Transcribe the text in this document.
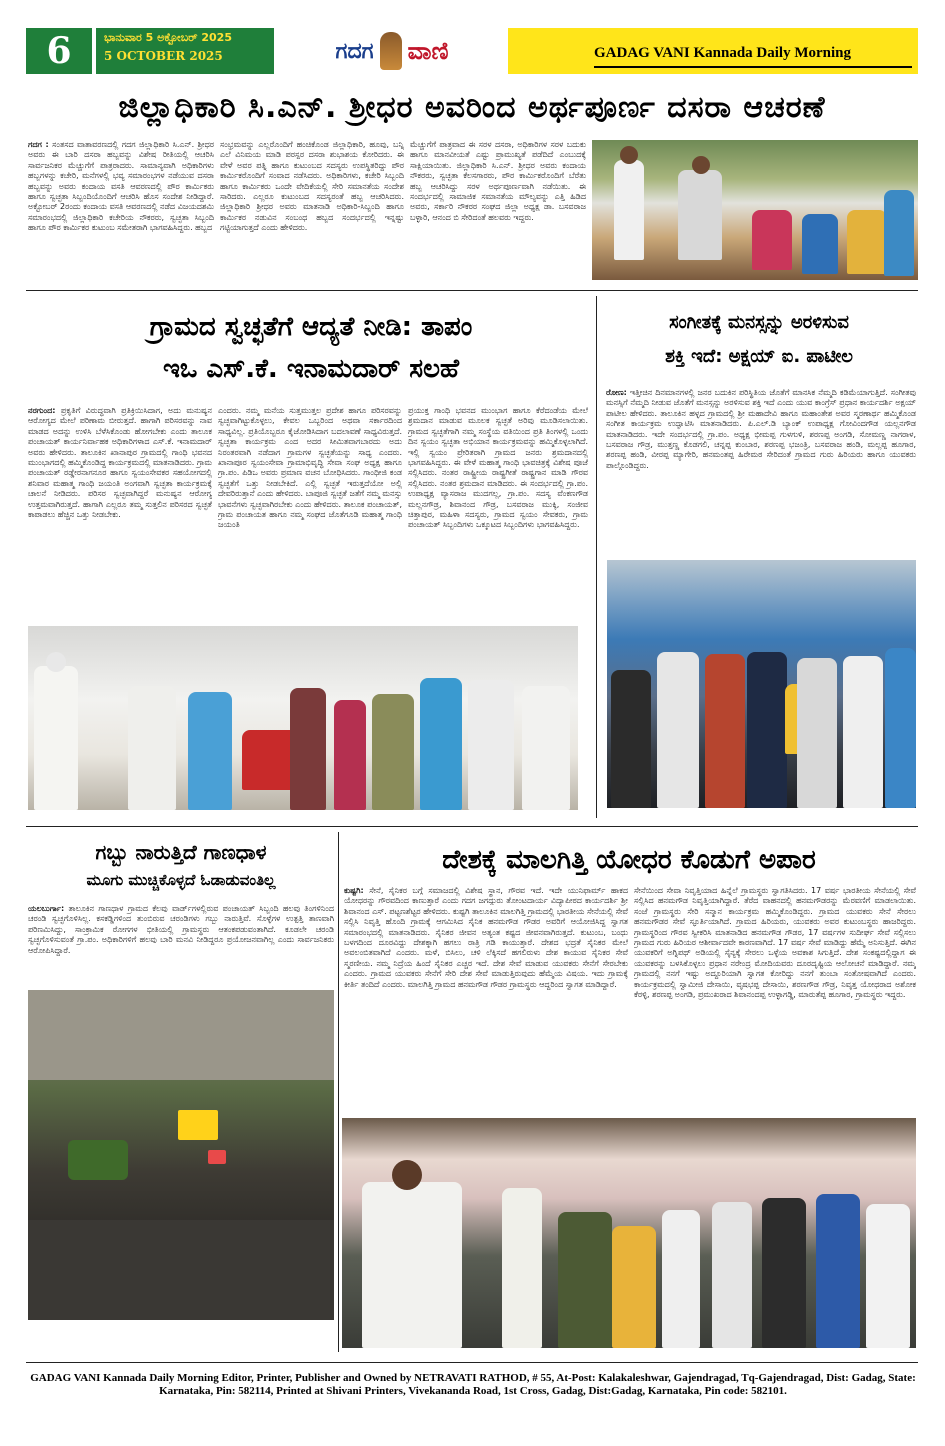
6	ಭಾನುವಾರ 5 ಅಕ್ಟೋಬರ್ 2025
5 OCTOBER 2025	ಗದಗ ವಾಣಿ	GADAG VANI Kannada Daily Morning
ಜಿಲ್ಲಾಧಿಕಾರಿ ಸಿ.ಎನ್. ಶ್ರೀಧರ ಅವರಿಂದ ಅರ್ಥಪೂರ್ಣ ದಸರಾ ಆಚರಣೆ
ಗದಗ : ಸಂತಸದ ವಾತಾವರಣದಲ್ಲಿ ಗದಗ ಜಿಲ್ಲಾಧಿಕಾರಿ ಸಿ.ಎನ್. ಶ್ರೀಧರ ಅವರು ಈ ಬಾರಿ ದಸರಾ ಹಬ್ಬವನ್ನು ವಿಶೇಷ ರೀತಿಯಲ್ಲಿ ಆಚರಿಸಿ ಸಾರ್ವಜನಿಕರ ಮೆಚ್ಚುಗೆಗೆ ಪಾತ್ರರಾದರು. ಸಾಮಾನ್ಯವಾಗಿ ಅಧಿಕಾರಿಗಳು ಹಬ್ಬಗಳನ್ನು ಕಚೇರಿ, ಮನೆಗಳಲ್ಲಿ ಭವ್ಯ ಸಮಾರಂಭಗಳ ನಡೆಯುವ ದಸರಾ ಹಬ್ಬವನ್ನು ಅವರು ಕಂದಾಯ ವಸತಿ ಆವರಣದಲ್ಲಿ ಪೌರ ಕಾರ್ಮಿಕರು ಹಾಗೂ ಸ್ವಚ್ಛತಾ ಸಿಬ್ಬಂದಿಯೊಂದಿಗೆ ಆಚರಿಸಿ ಹೊಸ ಸಂದೇಶ ನೀಡಿದ್ದಾರೆ. ಅಕ್ಟೋಬರ್ 2ರಂದು ಕಂದಾಯ ವಸತಿ ಆವರಣದಲ್ಲಿ ನಡೆದ ವಿಜಯದಶಮಿ ಸಮಾರಂಭದಲ್ಲಿ ಜಿಲ್ಲಾಧಿಕಾರಿ ಕಚೇರಿಯ ನೌಕರರು, ಸ್ವಚ್ಛತಾ ಸಿಬ್ಬಂದಿ ಹಾಗೂ ಪೌರ ಕಾರ್ಮಿಕರ ಕುಟುಂಬ ಸಮೇತರಾಗಿ ಭಾಗವಹಿಸಿದ್ದರು. ಹಬ್ಬದ
ಸಂಭ್ರಮವನ್ನು ಎಲ್ಲರೊಂದಿಗೆ ಹಂಚಿಕೊಂಡ ಜಿಲ್ಲಾಧಿಕಾರಿ, ಹೂವು, ಬನ್ನಿ ಎಲೆ ವಿನಿಮಯ ಮಾಡಿ ಪರಸ್ಪರ ದಸರಾ ಶುಭಾಶಯ ಕೋರಿದರು. ಈ ವೇಳೆ ಅವರ ಪತ್ನಿ ಹಾಗೂ ಕುಟುಂಬದ ಸದಸ್ಯರು ಉಪಸ್ಥಿತರಿದ್ದು ಪೌರ ಕಾರ್ಮಿಕರೊಂದಿಗೆ ಸಂವಾದ ನಡೆಸಿದರು. ಅಧಿಕಾರಿಗಳು, ಕಚೇರಿ ಸಿಬ್ಬಂದಿ ಹಾಗೂ ಕಾರ್ಮಿಕರು ಒಂದೇ ವೇದಿಕೆಯಲ್ಲಿ ಸೇರಿ ಸಮಾನತೆಯ ಸಂದೇಶ ಸಾರಿದರು. ಎಲ್ಲರೂ ಕುಟುಂಬದ ಸದಸ್ಯರಂತೆ ಹಬ್ಬ ಆಚರಿಸಿದರು. ಜಿಲ್ಲಾಧಿಕಾರಿ ಶ್ರೀಧರ ಅವರು ಮಾತನಾಡಿ ಅಧಿಕಾರಿ-ಸಿಬ್ಬಂದಿ ಹಾಗೂ ಕಾರ್ಮಿಕರ ನಡುವಿನ ಸಂಬಂಧ ಹಬ್ಬದ ಸಂದರ್ಭದಲ್ಲಿ ಇನ್ನಷ್ಟು ಗಟ್ಟಿಯಾಗುತ್ತದೆ ಎಂದು ಹೇಳಿದರು.
ಮೆಚ್ಚುಗೆಗೆ ಪಾತ್ರವಾದ ಈ ಸರಳ ದಸರಾ, ಅಧಿಕಾರಿಗಳ ಸರಳ ಬದುಕು ಹಾಗೂ ಮಾನವೀಯತೆ ಎಷ್ಟು ಪ್ರಾಮುಖ್ಯತೆ ಪಡೆದಿದೆ ಎಂಬುದಕ್ಕೆ ಸಾಕ್ಷಿಯಾಯಿತು. ಜಿಲ್ಲಾಧಿಕಾರಿ ಸಿ.ಎನ್. ಶ್ರೀಧರ ಅವರು ಕಂದಾಯ ನೌಕರರು, ಸ್ವಚ್ಛತಾ ಕೆಲಸಗಾರರು, ಪೌರ ಕಾರ್ಮಿಕರೊಂದಿಗೆ ಬೆರೆತು ಹಬ್ಬ ಆಚರಿಸಿದ್ದು ಸರಳ ಅರ್ಥಪೂರ್ಣವಾಗಿ ನಡೆಯಿತು. ಈ ಸಂದರ್ಭದಲ್ಲಿ ಸಾಮಾಜಿಕ ಸಮಾನತೆಯ ಮೌಲ್ಯವನ್ನು ಎತ್ತಿ ಹಿಡಿದ ಅವರು, ಸರ್ಕಾರಿ ನೌಕರರ ಸಂಘದ ಜಿಲ್ಲಾ ಅಧ್ಯಕ್ಷ ಡಾ. ಬಸವರಾಜ ಬಳ್ಳಾರಿ, ಆನಂದ ಬಿ ಸೇರಿದಂತೆ ಹಲವರು ಇದ್ದರು.
ಗ್ರಾಮದ ಸ್ವಚ್ಛತೆಗೆ ಆದ್ಯತೆ ನೀಡಿ: ತಾಪಂ
ಇಒ ಎಸ್.ಕೆ. ಇನಾಮದಾರ್ ಸಲಹೆ
ನರಗುಂದ: ಪ್ರಕೃತಿಗೆ ವಿರುದ್ಧವಾಗಿ ಪ್ರತಿಕ್ರಿಯಿಸಿದಾಗ, ಅದು ಮನುಷ್ಯನ ಆರೋಗ್ಯದ ಮೇಲೆ ಪರಿಣಾಮ ಬೀರುತ್ತದೆ. ಹಾಗಾಗಿ ಪರಿಸರವನ್ನು ನಾವ ಮಾಡದ ಅದನ್ನು ಉಳಿಸಿ ಬೆಳೆಸಿಕೊಂಡು ಹೋಗಬೇಕು ಎಂದು ತಾಲೂಕ ಪಂಚಾಯತ್ ಕಾರ್ಯನಿರ್ವಾಹಕ ಅಧಿಕಾರಿಗಳಾದ ಎಸ್.ಕೆ. ಇನಾಮದಾರ್ ಅವರು ಹೇಳಿದರು. ತಾಲೂಕಿನ ಖಾನಾಪುರ ಗ್ರಾಮದಲ್ಲಿ ಗಾಂಧಿ ಭವನದ ಮುಂಭಾಗದಲ್ಲಿ ಹಮ್ಮಿಕೊಂಡಿದ್ದ ಕಾರ್ಯಕ್ರಮದಲ್ಲಿ ಮಾತನಾಡಿದರು. ಗ್ರಾಮ ಪಂಚಾಯತ್ ರಡ್ಡೇರನಾಗನೂರ ಹಾಗೂ ಸ್ವಯಂಸೇವಕರ ಸಹಯೋಗದಲ್ಲಿ ಶನಿವಾರ ಮಹಾತ್ಮ ಗಾಂಧಿ ಜಯಂತಿ ಅಂಗವಾಗಿ ಸ್ವಚ್ಛತಾ ಕಾರ್ಯಕ್ರಮಕ್ಕೆ ಚಾಲನೆ ನೀಡಿದರು. ಪರಿಸರ ಸ್ವಚ್ಛವಾಗಿದ್ದರೆ ಮನುಷ್ಯನ ಆರೋಗ್ಯ ಉತ್ತಮವಾಗಿರುತ್ತದೆ. ಹಾಗಾಗಿ ಎಲ್ಲರೂ ತಮ್ಮ ಸುತ್ತಲಿನ ಪರಿಸರದ ಸ್ವಚ್ಛತೆ ಕಾಪಾಡಲು ಹೆಚ್ಚಿನ ಒತ್ತು ನೀಡಬೇಕು.
ಎಂದರು. ನಮ್ಮ ಮನೆಯ ಸುತ್ತಮುತ್ತಲ ಪ್ರದೇಶ ಹಾಗೂ ಪರಿಸರವನ್ನು ಸ್ವಚ್ಛವಾಗಿಟ್ಟುಕೊಳ್ಳಲು, ಕೇವಲ ಒಬ್ಬರಿಂದ ಅಥವಾ ಸರ್ಕಾರದಿಂದ ಸಾಧ್ಯವಿಲ್ಲ. ಪ್ರತಿಯೊಬ್ಬರೂ ಕೈಜೋಡಿಸಿದಾಗ ಬದಲಾವಣೆ ಸಾಧ್ಯವಿರುತ್ತದೆ. ಸ್ವಚ್ಛತಾ ಕಾರ್ಯಕ್ರಮ ಎಂದ ಅದರ ಸೀಮಿತವಾಗಬಾರದು ಅದು ನಿರಂತರವಾಗಿ ನಡೆದಾಗ ಗ್ರಾಮಗಳ ಸ್ವಚ್ಛತೆಯನ್ನು ಸಾಧ್ಯ ಎಂದರು. ಖಾನಾಪೂರ ಸ್ವಯಂಸೇವಾ ಗ್ರಾಮಾಭಿವೃದ್ಧಿ ಸೇವಾ ಸಂಘ ಅಧ್ಯಕ್ಷ ಹಾಗೂ ಗ್ರಾ.ಪಂ. ಪಿಡಿಒ ಅವರು ಪ್ರಮಾಣ ವಚನ ಬೋಧಿಸಿದರು. ಗಾಂಧೀಜಿ ಕಂಡ ಸ್ವಚ್ಛತೆಗೆ ಒತ್ತು ನೀಡಬೇಕಿದೆ. ಎಲ್ಲಿ ಸ್ವಚ್ಛತೆ ಇರುತ್ತದೆಯೋ ಅಲ್ಲಿ ದೇವರಿರುತ್ತಾನೆ ಎಂದು ಹೇಳಿದರು. ಬಾಪೂಜಿ ಸ್ವಚ್ಛತೆ ಜತೆಗೆ ನಮ್ಮ ಮನಸ್ಸು ಭಾವನೆಗಳು ಸ್ವಚ್ಛವಾಗಿರಬೇಕು ಎಂದು ಹೇಳಿದರು. ತಾಲೂಕ ಪಂಚಾಯತ್, ಗ್ರಾಮ ಪಂಚಾಯತ ಹಾಗೂ ನಮ್ಮ ಸಂಘದ ಜೊತೆಗೂಡಿ ಮಹಾತ್ಮ ಗಾಂಧಿ ಜಯಂತಿ
ಪ್ರಯುಕ್ತ ಗಾಂಧಿ ಭವನದ ಮುಂಭಾಗ ಹಾಗೂ ಕೆರೆದಂಡೆಯ ಮೇಲೆ ಶ್ರಮದಾನ ಮಾಡುವ ಮೂಲಕ ಸ್ವಚ್ಛತೆ ಅರಿವು ಮೂಡಿಸಲಾಯಿತು. ಗ್ರಾಮದ ಸ್ವಚ್ಛತೆಗಾಗಿ ನಮ್ಮ ಸಂಸ್ಥೆಯ ವತಿಯಿಂದ ಪ್ರತಿ ತಿಂಗಳಲ್ಲಿ ಒಂದು ದಿನ ಸ್ವಯಂ ಸ್ವಚ್ಛತಾ ಅಭಿಯಾನ ಕಾರ್ಯಕ್ರಮವನ್ನು ಹಮ್ಮಿಕೊಳ್ಳಲಾಗಿದೆ. ಇಲ್ಲಿ ಸ್ವಯಂ ಪ್ರೇರಿತರಾಗಿ ಗ್ರಾಮದ ಜನರು ಶ್ರಮದಾನದಲ್ಲಿ ಭಾಗವಹಿಸಿದ್ದರು. ಈ ವೇಳೆ ಮಹಾತ್ಮ ಗಾಂಧಿ ಭಾವಚಿತ್ರಕ್ಕೆ ವಿಶೇಷ ಪೂಜೆ ಸಲ್ಲಿಸಿದರು. ನಂತರ ರಾಷ್ಟ್ರೀಯ ರಾಷ್ಟ್ರಗೀತೆ ರಾಷ್ಟ್ರಗಾನ ಮಾಡಿ ಗೌರವ ಸಲ್ಲಿಸಿದರು. ನಂತರ ಶ್ರಮದಾನ ಮಾಡಿದರು. ಈ ಸಂದರ್ಭದಲ್ಲಿ ಗ್ರಾ.ಪಂ. ಉಪಾಧ್ಯಕ್ಷ ವ್ಯಾಸರಾಜ ಮುದಗಲ್ಲ, ಗ್ರಾ.ಪಂ. ಸದಸ್ಯ ವೆಂಕಣಗೌಡ ಮಲ್ಲನಗೌಡ್ರ, ಶಿವಾನಂದ ಗೌಡ್ರ, ಬಸವರಾಜ ಮುಕ್ಕಿ, ಸಂಜೀವ ಚಿತ್ತಾಪುರ, ಮಹಿಳಾ ಸದಸ್ಯರು, ಗ್ರಾಮದ ಸ್ವಯಂ ಸೇವಕರು, ಗ್ರಾಮ ಪಂಚಾಯತ್ ಸಿಬ್ಬಂದಿಗಳು ಒಕ್ಕೂಟದ ಸಿಬ್ಬಂದಿಗಳು ಭಾಗವಹಿಸಿದ್ದರು.
ಸಂಗೀತಕ್ಕೆ ಮನಸ್ಸನ್ನು ಅರಳಿಸುವ
ಶಕ್ತಿ ಇದೆ: ಅಕ್ಷಯ್ ಐ. ಪಾಟೀಲ
ರೋಣ: ಇತ್ತೀಚಿನ ದಿನಮಾನಗಳಲ್ಲಿ ಜನರ ಬದುಕಿನ ಪರಿಸ್ಥಿತಿಯ ಜೊತೆಗೆ ಮಾನಸಿಕ ನೆಮ್ಮದಿ ಕಡಿಮೆಯಾಗುತ್ತಿದೆ. ಸಂಗೀತವು ಮನಸ್ಸಿಗೆ ನೆಮ್ಮದಿ ನೀಡುವ ಜೊತೆಗೆ ಮನಸ್ಸನ್ನು ಅರಳಿಸುವ ಶಕ್ತಿ ಇದೆ ಎಂದು ಯುವ ಕಾಂಗ್ರೆಸ್ ಪ್ರಧಾನ ಕಾರ್ಯದರ್ಶಿ ಅಕ್ಷಯ್ ಪಾಟೀಲ ಹೇಳಿದರು. ತಾಲೂಕಿನ ಹಳ್ಳದ ಗ್ರಾಮದಲ್ಲಿ ಶ್ರೀ ಮಹಾದೇವಿ ಹಾಗೂ ಮಹಾಂತೇಶ ಅವರ ಸ್ಮರಣಾರ್ಥ ಹಮ್ಮಿಕೊಂಡ ಸಂಗೀತ ಕಾರ್ಯಕ್ರಮ ಉದ್ಘಾಟಿಸಿ ಮಾತನಾಡಿದರು. ಪಿ.ಎಲ್.ಡಿ ಬ್ಯಾಂಕ್ ಉಪಾಧ್ಯಕ್ಷ ಗೋವಿಂದಗೌಡ ಯಲ್ಲನಗೌಡ ಮಾತನಾಡಿದರು. ಇದೇ ಸಂದರ್ಭದಲ್ಲಿ ಗ್ರಾ.ಪಂ. ಅಧ್ಯಕ್ಷ ಭೀಮಪ್ಪ ಗುಳಗುಳಿ, ಶರಣಪ್ಪ ಅಂಗಡಿ, ಸೋಮಣ್ಣ ನಾಗರಾಳ, ಬಸವರಾಜ ಗೌಡ್ರ, ಮುತ್ತಣ್ಣ ಕೊಡಗಲಿ, ಚನ್ನಪ್ಪ ಕುಂಬಾರ, ಶರಣಪ್ಪ ಭಜಂತ್ರಿ, ಬಸವರಾಜ ಹಂಡಿ, ಮಲ್ಲಪ್ಪ ಹೂಗಾರ, ಶರಣಪ್ಪ ಹಂಡಿ, ವೀರಪ್ಪ ಮ್ಯಾಗೇರಿ, ಹನಮಂತಪ್ಪ ಹಿರೇಮಠ ಸೇರಿದಂತೆ ಗ್ರಾಮದ ಗುರು ಹಿರಿಯರು ಹಾಗೂ ಯುವಕರು ಪಾಲ್ಗೊಂಡಿದ್ದರು.
ಗಬ್ಬು ನಾರುತ್ತಿದೆ ಗಾಣಧಾಳ
ಮೂಗು ಮುಚ್ಚಿಕೊಳ್ಳದೆ ಓಡಾಡುವಂತಿಲ್ಲ
ಯಲಬುರ್ಗಾ: ತಾಲೂಕಿನ ಗಾಣಧಾಳ ಗ್ರಾಮದ ಕೆಲವು ವಾರ್ಡ್‌ಗಳಲ್ಲಿರುವ ಪಂಚಾಯತ್ ಸಿಬ್ಬಂದಿ ಹಲವು ತಿಂಗಳಿನಿಂದ ಚರಂಡಿ ಸ್ವಚ್ಛಗೊಳಿಸಿಲ್ಲ. ಕಸಕಡ್ಡಿಗಳಿಂದ ತುಂಬಿರುವ ಚರಂಡಿಗಳು ಗಬ್ಬು ನಾರುತ್ತಿವೆ. ಸೊಳ್ಳೆಗಳ ಉತ್ಪತ್ತಿ ತಾಣವಾಗಿ ಪರಿಣಮಿಸಿದ್ದು, ಸಾಂಕ್ರಾಮಿಕ ರೋಗಗಳ ಭೀತಿಯಲ್ಲಿ ಗ್ರಾಮಸ್ಥರು ಆತಂಕಪಡುವಂತಾಗಿದೆ. ಕೂಡಲೇ ಚರಂಡಿ ಸ್ವಚ್ಛಗೊಳಿಸುವಂತೆ ಗ್ರಾ.ಪಂ. ಅಧಿಕಾರಿಗಳಿಗೆ ಹಲವು ಬಾರಿ ಮನವಿ ನೀಡಿದ್ದರೂ ಪ್ರಯೋಜನವಾಗಿಲ್ಲ ಎಂದು ಸಾರ್ವಜನಿಕರು ಆರೋಪಿಸಿದ್ದಾರೆ.
ದೇಶಕ್ಕೆ ಮಾಲಗಿತ್ತಿ ಯೋಧರ ಕೊಡುಗೆ ಅಪಾರ
ಕುಷ್ಟಗಿ: ಸೇನೆ, ಸೈನಿಕರ ಬಗ್ಗೆ ಸಮಾಜದಲ್ಲಿ ವಿಶೇಷ ಸ್ಥಾನ, ಗೌರವ ಇದೆ. ಇದೇ ಯುನಿಫಾರ್ಮ್ ಹಾಕದ ಯೋಧರನ್ನು ಗೌರವದಿಂದ ಕಾಣುತ್ತಾರೆ ಎಂದು ಗದಗ ಜಗದ್ಗುರು ತೋಂಟದಾರ್ಯ ವಿದ್ಯಾಪೀಠದ ಕಾರ್ಯದರ್ಶಿ ಶ್ರೀ ಶಿವಾನಂದ ಎಸ್. ಪಟ್ಟಣಶೆಟ್ಟರ ಹೇಳಿದರು. ಕುಷ್ಟಗಿ ತಾಲೂಕಿನ ಮಾಲಗಿತ್ತಿ ಗ್ರಾಮದಲ್ಲಿ ಭಾರತೀಯ ಸೇನೆಯಲ್ಲಿ ಸೇವೆ ಸಲ್ಲಿಸಿ ನಿವೃತ್ತಿ ಹೊಂದಿ ಗ್ರಾಮಕ್ಕೆ ಆಗಮಿಸಿದ ಸೈನಿಕ ಹನಮಗೌಡ ಗೌಡರ ಅವರಿಗೆ ಆಯೋಜಿಸಿದ್ದ ಸ್ವಾಗತ ಸಮಾರಂಭದಲ್ಲಿ ಮಾತನಾಡಿದರು. ಸೈನಿಕರ ಜೀವನ ಅತ್ಯಂತ ಕಷ್ಟದ ಜೀವನವಾಗಿರುತ್ತದೆ. ಕುಟುಂಬ, ಬಂಧು ಬಳಗದಿಂದ ದೂರವಿದ್ದು ದೇಶಕ್ಕಾಗಿ ಹಗಲು ರಾತ್ರಿ ಗಡಿ ಕಾಯುತ್ತಾರೆ. ದೇಶದ ಭದ್ರತೆ ಸೈನಿಕರ ಮೇಲೆ ಅವಲಂಬಿತವಾಗಿದೆ ಎಂದರು. ಮಳೆ, ಬಿಸಿಲು, ಚಳಿ ಲೆಕ್ಕಿಸದೆ ಹಗಲಿರುಳು ದೇಶ ಕಾಯುವ ಸೈನಿಕರ ಸೇವೆ ಸ್ಮರಣೀಯ. ನಮ್ಮ ನಿದ್ರೆಯ ಹಿಂದೆ ಸೈನಿಕರ ಎಚ್ಚರ ಇದೆ. ದೇಶ ಸೇವೆ ಮಾಡುವ ಯುವಕರು ಸೇನೆಗೆ ಸೇರಬೇಕು ಎಂದರು. ಗ್ರಾಮದ ಯುವಕರು ಸೇನೆಗೆ ಸೇರಿ ದೇಶ ಸೇವೆ ಮಾಡುತ್ತಿರುವುದು ಹೆಮ್ಮೆಯ ವಿಷಯ. ಇದು ಗ್ರಾಮಕ್ಕೆ ಕೀರ್ತಿ ತಂದಿದೆ ಎಂದರು. ಮಾಲಗಿತ್ತಿ ಗ್ರಾಮದ ಹನಮಗೌಡ ಗೌಡರ ಗ್ರಾಮಸ್ಥರು ಆದ್ದರಿಂದ ಸ್ವಾಗತ ಮಾಡಿದ್ದಾರೆ.
ಸೇನೆಯಿಂದ ಸೇವಾ ನಿವೃತ್ತಿಯಾದ ಹಿನ್ನೆಲೆ ಗ್ರಾಮಸ್ಥರು ಸ್ವಾಗತಿಸಿದರು. 17 ವರ್ಷ ಭಾರತೀಯ ಸೇನೆಯಲ್ಲಿ ಸೇವೆ ಸಲ್ಲಿಸಿದ ಹನಮಗೌಡ ನಿವೃತ್ತಿಯಾಗಿದ್ದಾರೆ. ತೆರೆದ ವಾಹನದಲ್ಲಿ ಹನಮಗೌಡರನ್ನು ಮೆರವಣಿಗೆ ಮಾಡಲಾಯಿತು. ಸಂಜೆ ಗ್ರಾಮಸ್ಥರು ಸೇರಿ ಸನ್ಮಾನ ಕಾರ್ಯಕ್ರಮ ಹಮ್ಮಿಕೊಂಡಿದ್ದರು. ಗ್ರಾಮದ ಯುವಕರು ಸೇನೆ ಸೇರಲು ಹನಮಗೌಡರ ಸೇವೆ ಸ್ಫೂರ್ತಿಯಾಗಿದೆ. ಗ್ರಾಮದ ಹಿರಿಯರು, ಯುವಕರು ಅವರ ಕುಟುಂಬಸ್ಥರು ಹಾಜರಿದ್ದರು. ಗ್ರಾಮಸ್ಥರಿಂದ ಗೌರವ ಸ್ವೀಕರಿಸಿ ಮಾತನಾಡಿದ ಹನಮಗೌಡ ಗೌಡರ, 17 ವರ್ಷಗಳ ಸುದೀರ್ಘ ಸೇವೆ ಸಲ್ಲಿಸಲು ಗ್ರಾಮದ ಗುರು ಹಿರಿಯರ ಆಶೀರ್ವಾದವೇ ಕಾರಣವಾಗಿದೆ. 17 ವರ್ಷ ಸೇವೆ ಮಾಡಿದ್ದು ಹೆಮ್ಮೆ ಅನಿಸುತ್ತಿದೆ. ಈಗಿನ ಯುವಕರಿಗೆ ಅಗ್ನಿಪಥ್ ಅಡಿಯಲ್ಲಿ ಸೈನ್ಯಕ್ಕೆ ಸೇರಲು ಒಳ್ಳೆಯ ಅವಕಾಶ ಸಿಗುತ್ತಿದೆ. ದೇಶ ಸಂಕಷ್ಟದಲ್ಲಿದ್ದಾಗ ಈ ಯುವಕರನ್ನು ಬಳಸಿಕೊಳ್ಳಲು ಪ್ರಧಾನ ನರೇಂದ್ರ ಮೋದಿಯವರು ದೂರದೃಷ್ಟಿಯ ಆಲೋಚನೆ ಮಾಡಿದ್ದಾರೆ. ನಮ್ಮ ಗ್ರಾಮದಲ್ಲಿ ನನಗೆ ಇಷ್ಟು ಅದ್ದೂರಿಯಾಗಿ ಸ್ವಾಗತ ಕೋರಿದ್ದು ನನಗೆ ತುಂಬಾ ಸಂತೋಷವಾಗಿದೆ ಎಂದರು. ಕಾರ್ಯಕ್ರಮದಲ್ಲಿ ಸ್ವಾಮೀಜಿ ದೇಸಾಯಿ, ವೃಷಭಪ್ಪ ದೇಸಾಯಿ, ಶರಣಗೌಡ ಗೌಡ್ರ, ನಿವೃತ್ತ ಯೋಧರಾದ ಅಶೋಕ ಕೆರಳ್ಳಿ, ಶರಣಪ್ಪ ಅಂಗಡಿ, ಪ್ರಮುಖರಾದ ಶಿವಾನಂದಪ್ಪ ಉಳ್ಳಾಗಡ್ಡಿ, ಮಾರುತೆಪ್ಪ ಹೂಗಾರ, ಗ್ರಾಮಸ್ಥರು ಇದ್ದರು.
GADAG VANI Kannada Daily Morning Editor, Printer, Publisher and Owned by NETRAVATI RATHOD, # 55, At-Post: Kalakaleshwar, Gajendragad, Tq-Gajendragad, Dist: Gadag, State:
Karnataka, Pin: 582114, Printed at Shivani Printers, Vivekananda Road, 1st Cross, Gadag, Dist:Gadag, Karnataka, Pin code: 582101.
